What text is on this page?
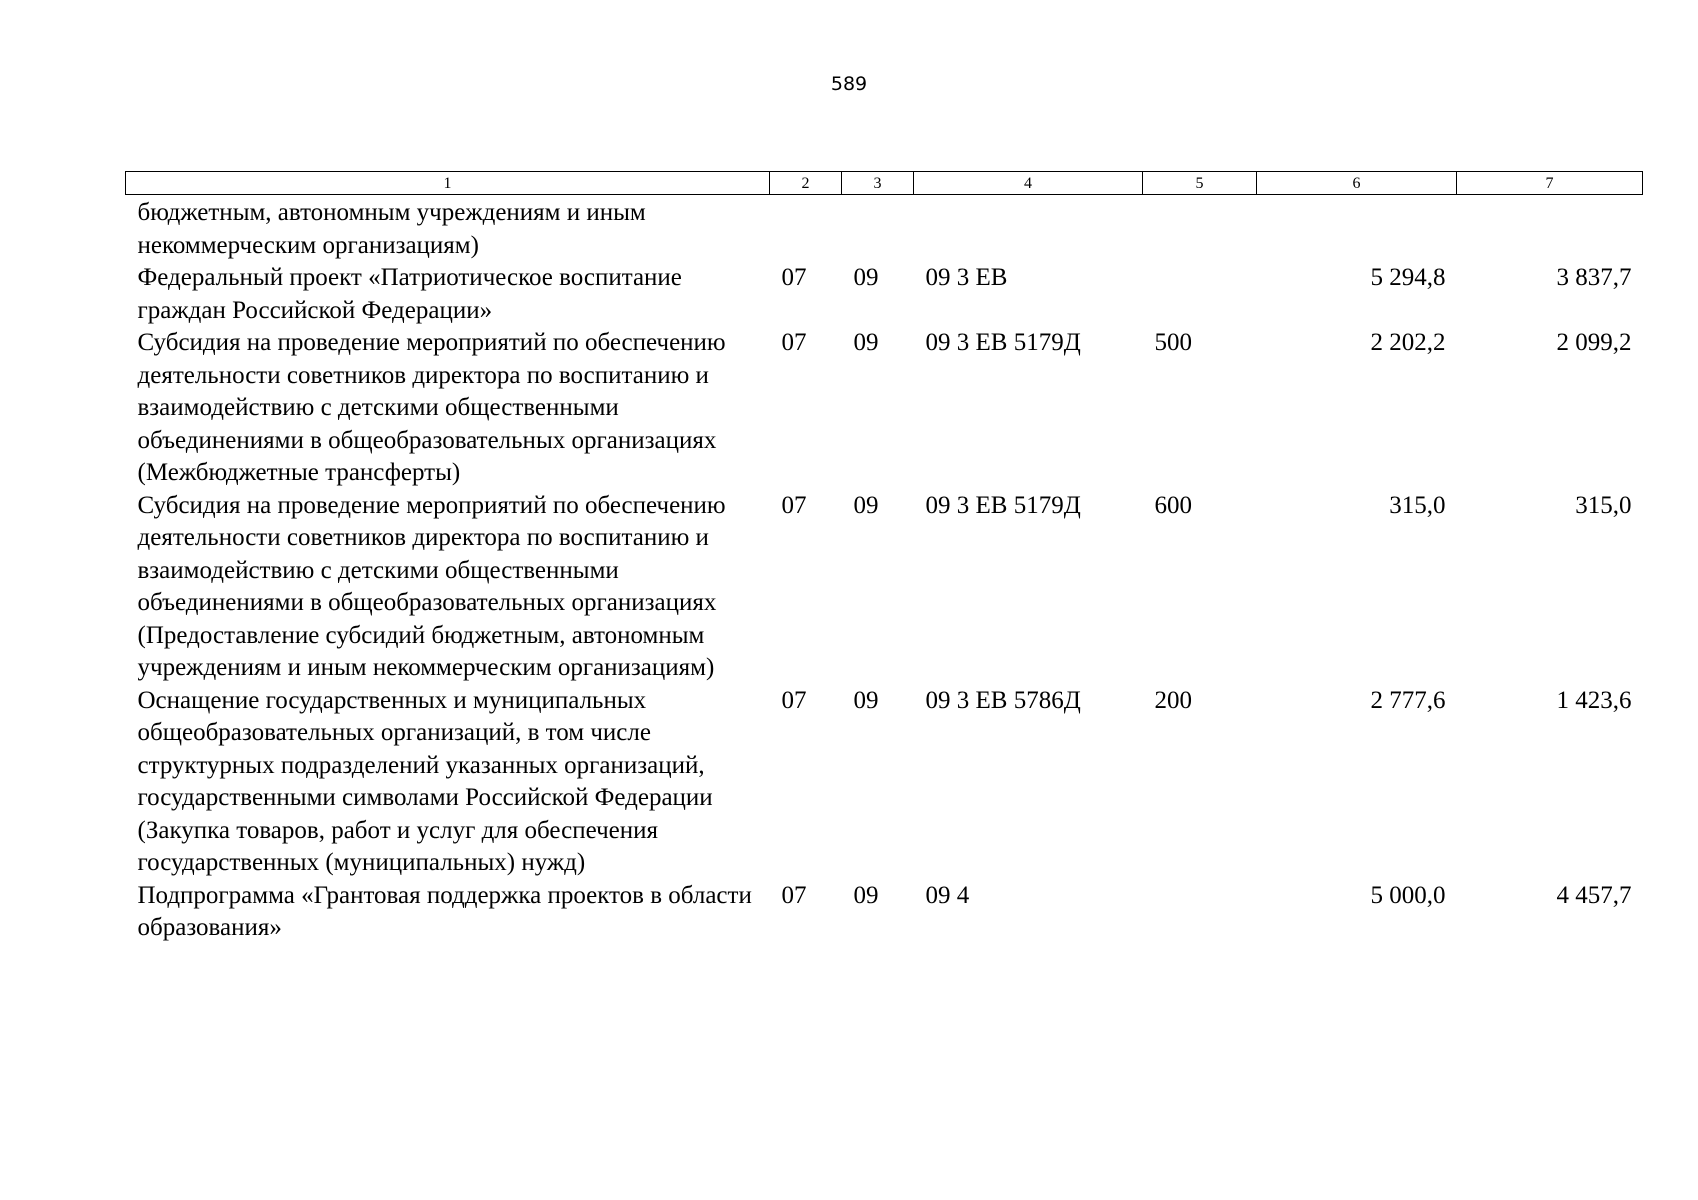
589
1	2	3	4	5	6	7
бюджетным, автономным учреждениям и иным некоммерческим организациям)						
Федеральный проект «Патриотическое воспитание граждан Российской Федерации»	07	09	09 3 EB		5 294,8	3 837,7
Субсидия на проведение мероприятий по обеспечению деятельности советников директора по воспитанию и взаимодействию с детскими общественными объединениями в общеобразовательных организациях (Межбюджетные трансферты)	07	09	09 3 EB 5179Д	500	2 202,2	2 099,2
Субсидия на проведение мероприятий по обеспечению деятельности советников директора по воспитанию и взаимодействию с детскими общественными объединениями в общеобразовательных организациях (Предоставление субсидий бюджетным, автономным учреждениям и иным некоммерческим организациям)	07	09	09 3 EB 5179Д	600	315,0	315,0
Оснащение государственных и муниципальных общеобразовательных организаций, в том числе структурных подразделений указанных организаций, государственными символами Российской Федерации (Закупка товаров, работ и услуг для обеспечения государственных (муниципальных) нужд)	07	09	09 3 EB 5786Д	200	2 777,6	1 423,6
Подпрограмма «Грантовая поддержка проектов в области образования»	07	09	09 4		5 000,0	4 457,7
